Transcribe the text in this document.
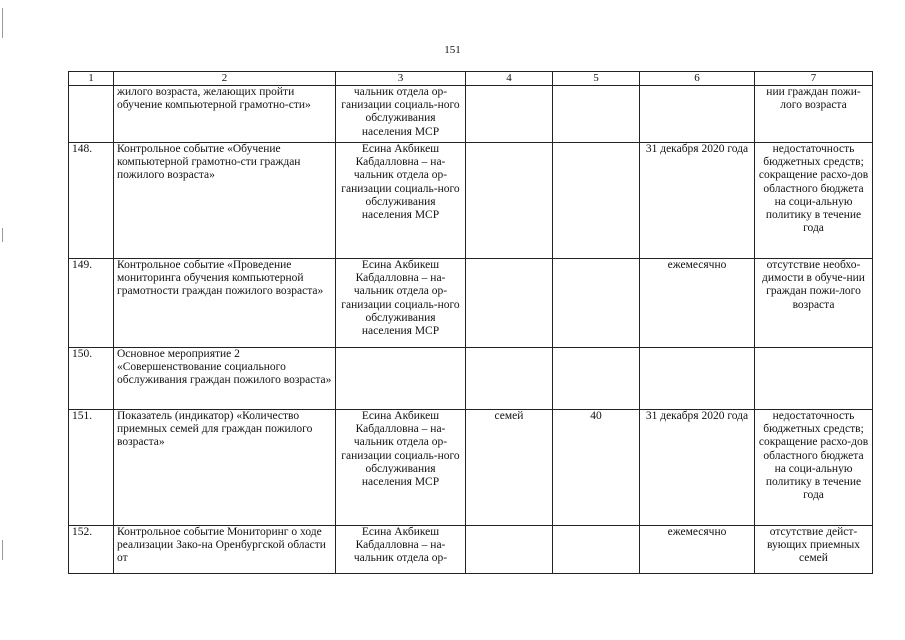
151
1	2	3	4	5	6	7
	жилого возраста, желающих пройти обучение компьютерной грамотно-сти»	чальник отдела ор-ганизации социаль-ного обслуживания населения МСР				нии граждан пожи-лого возраста
148.	Контрольное событие «Обучение компьютерной грамотно-сти граждан пожилого возраста»	Есина Акбикеш Кабдалловна – на-чальник отдела ор-ганизации социаль-ного обслуживания населения МСР			31 декабря 2020 года	недостаточность бюджетных средств; сокращение расхо-дов областного бюджета на соци-альную политику в течение года
149.	Контрольное событие «Проведение мониторинга обучения компьютерной грамотности граждан пожилого возраста»	Есина Акбикеш Кабдалловна – на-чальник отдела ор-ганизации социаль-ного обслуживания населения МСР			ежемесячно	отсутствие необхо-димости в обуче-нии граждан пожи-лого возраста
150.	Основное мероприятие 2 «Совершенствование социального обслуживания граждан пожилого возраста»					
151.	Показатель (индикатор) «Количество приемных семей для граждан пожилого возраста»	Есина Акбикеш Кабдалловна – на-чальник отдела ор-ганизации социаль-ного обслуживания населения МСР	семей	40	31 декабря 2020 года	недостаточность бюджетных средств; сокращение расхо-дов областного бюджета на соци-альную политику в течение года
152.	Контрольное событие Мониторинг о ходе реализации Зако-на Оренбургской области от	Есина Акбикеш Кабдалловна – на-чальник отдела ор-			ежемесячно	отсутствие дейст-вующих приемных семей
